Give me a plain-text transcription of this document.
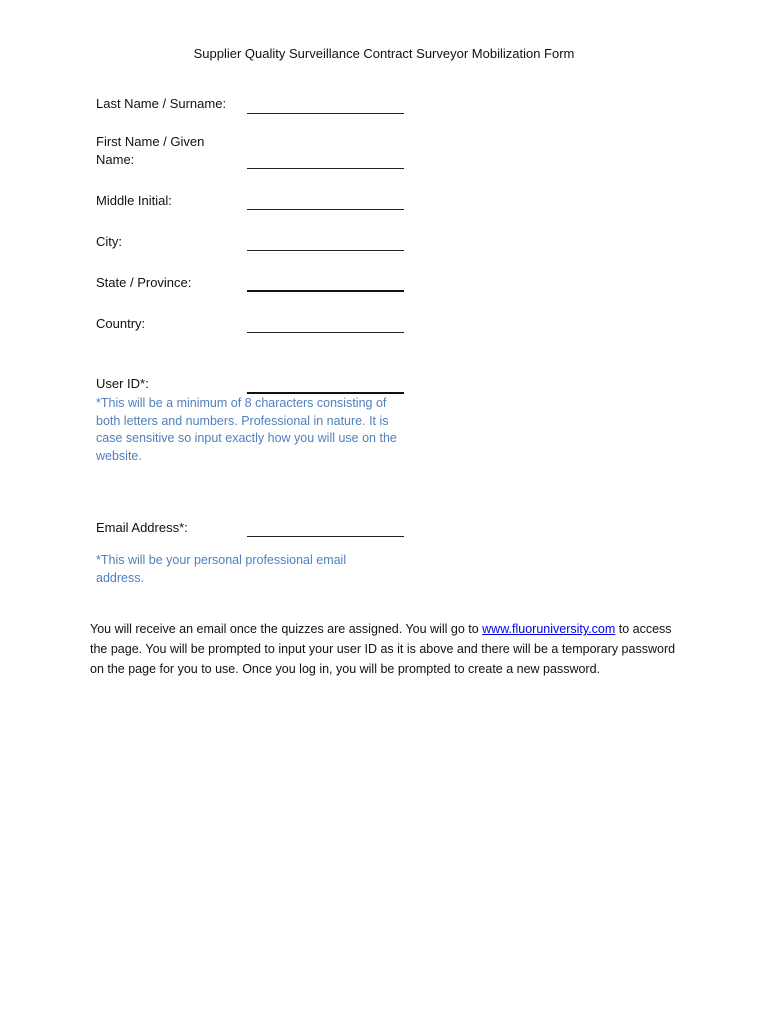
Supplier Quality Surveillance Contract Surveyor Mobilization Form
Last Name / Surname:
First Name / Given Name:
Middle Initial:
City:
State / Province:
Country:
User ID*:
*This will be a minimum of 8 characters consisting of both letters and numbers. Professional in nature. It is case sensitive so input exactly how you will use on the website.
Email Address*:
*This will be your personal professional email address.
You will receive an email once the quizzes are assigned. You will go to www.fluoruniversity.com to access the page. You will be prompted to input your user ID as it is above and there will be a temporary password on the page for you to use. Once you log in, you will be prompted to create a new password.
